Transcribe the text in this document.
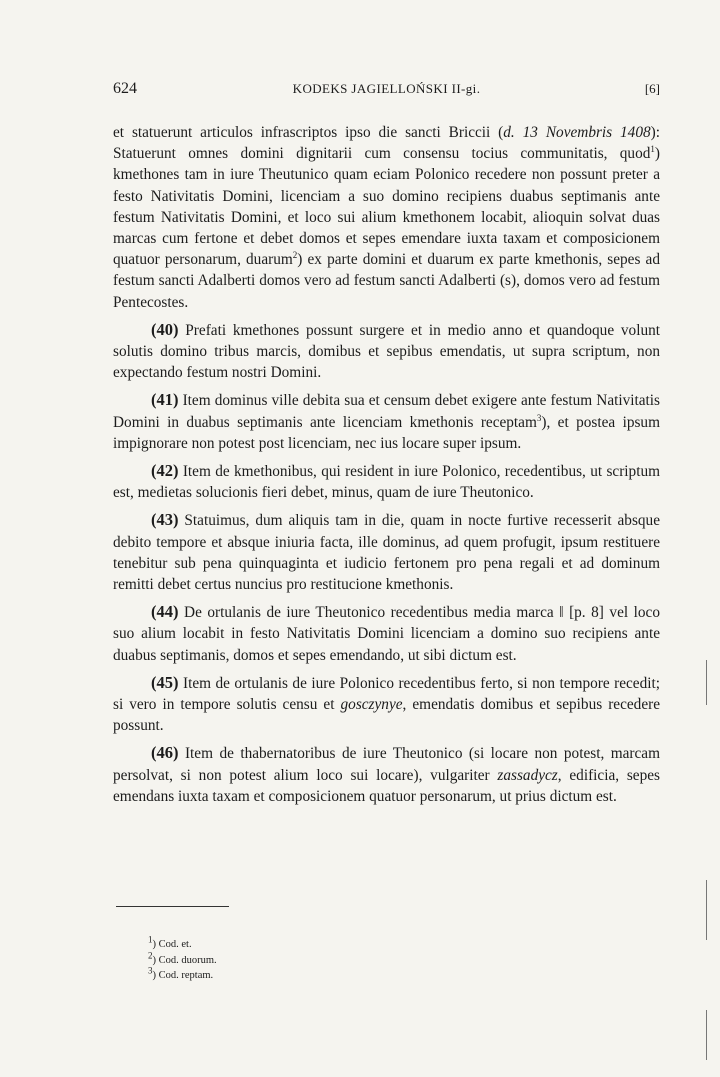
624	KODEKS JAGIELLOŃSKI II-gi.	[6]

et statuerunt articulos infrascriptos ipso die sancti Briccii (d. 13 Novembris 1408): Statuerunt omnes domini dignitarii cum consensu tocius communitatis, quod$^1$) kmethones tam in iure Theutunico quam eciam Polonico recedere non possunt preter a festo Nativitatis Domini, licenciam a suo domino recipiens duabus septimanis ante festum Nativitatis Domini, et loco sui alium kmethonem locabit, alioquin solvat duas marcas cum fertone et debet domos et sepes emendare iuxta taxam et composicionem quatuor personarum, duarum$^2$) ex parte domini et duarum ex parte kmethonis, sepes ad festum sancti Adalberti domos vero ad festum sancti Adalberti (s), domos vero ad festum Pentecostes.

(40) Prefati kmethones possunt surgere et in medio anno et quandoque volunt solutis domino tribus marcis, domibus et sepibus emendatis, ut supra scriptum, non expectando festum nostri Domini.

(41) Item dominus ville debita sua et censum debet exigere ante festum Nativitatis Domini in duabus septimanis ante licenciam kmethonis receptam$^3$), et postea ipsum impignorare non potest post licenciam, nec ius locare super ipsum.

(42) Item de kmethonibus, qui resident in iure Polonico, recedentibus, ut scriptum est, medietas solucionis fieri debet, minus, quam de iure Theutonico.

(43) Statuimus, dum aliquis tam in die, quam in nocte furtive recesserit absque debito tempore et absque iniuria facta, ille dominus, ad quem profugit, ipsum restituere tenebitur sub pena quinquaginta et iudicio fertonem pro pena regali et ad dominum remitti debet certus nuncius pro restitucione kmethonis.

(44) De ortulanis de iure Theutonico recedentibus media marca ‖ [p. 8] vel loco suo alium locabit in festo Nativitatis Domini licenciam a domino suo recipiens ante duabus septimanis, domos et sepes emendando, ut sibi dictum est.

(45) Item de ortulanis de iure Polonico recedentibus ferto, si non tempore recedit; si vero in tempore solutis censu et gosczynye, emendatis domibus et sepibus recedere possunt.

(46) Item de thabernatoribus de iure Theutonico (si locare non potest, marcam persolvat, si non potest alium loco sui locare), vulgariter zassadycz, edificia, sepes emendans iuxta taxam et composicionem quatuor personarum, ut prius dictum est.

$^1$) Cod. et.
$^2$) Cod. duorum.
$^3$) Cod. reptam.
